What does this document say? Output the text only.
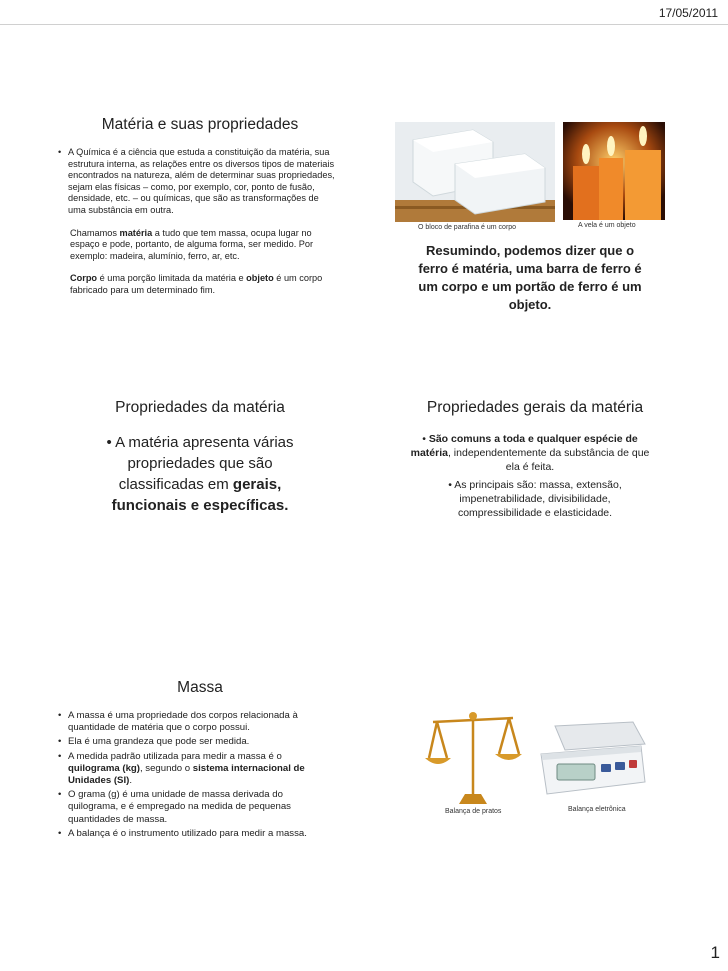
17/05/2011
Matéria e suas propriedades
• A Química é a ciência que estuda a constituição da matéria, sua estrutura interna, as relações entre os diversos tipos de materiais encontrados na natureza, além de determinar suas propriedades, sejam elas físicas – como, por exemplo, cor, ponto de fusão, densidade, etc. – ou químicas, que são as transformações de uma substância em outra.
Chamamos matéria a tudo que tem massa, ocupa lugar no espaço e pode, portanto, de alguma forma, ser medido. Por exemplo: madeira, alumínio, ferro, ar, etc.
Corpo é uma porção limitada da matéria e objeto é um corpo fabricado para um determinado fim.
O bloco de parafina é um corpo	A vela é um objeto
Resumindo, podemos dizer que o ferro é matéria, uma barra de ferro é um corpo e um portão de ferro é um objeto.
Propriedades da matéria
• A matéria apresenta várias propriedades que são classificadas em gerais, funcionais e específicas.
Propriedades gerais da matéria
• São comuns a toda e qualquer espécie de matéria, independentemente da substância de que ela é feita.
• As principais são: massa, extensão, impenetrabilidade, divisibilidade, compressibilidade e elasticidade.
Massa
• A massa é uma propriedade dos corpos relacionada à quantidade de matéria que o corpo possui.
• Ela é uma grandeza que pode ser medida.
• A medida padrão utilizada para medir a massa é o quilograma (kg), segundo o sistema internacional de Unidades (SI).
• O grama (g) é uma unidade de massa derivada do quilograma, e é empregado na medida de pequenas quantidades de massa.
• A balança é o instrumento utilizado para medir a massa.
Balança de pratos	Balança eletrônica
1
